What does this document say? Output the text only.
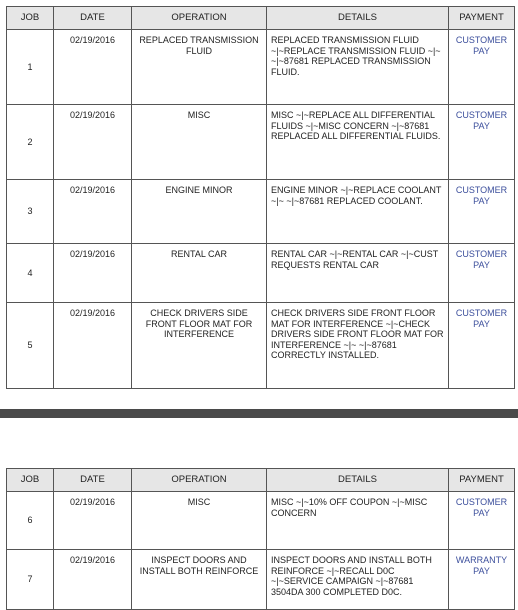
JOB	DATE	OPERATION	DETAILS	PAYMENT
1	02/19/2016	REPLACED TRANSMISSION FLUID	REPLACED TRANSMISSION FLUID ~|~REPLACE TRANSMISSION FLUID ~|~ ~|~87681 REPLACED TRANSMISSION FLUID.	CUSTOMER PAY
2	02/19/2016	MISC	MISC ~|~REPLACE ALL DIFFERENTIAL FLUIDS ~|~MISC CONCERN ~|~87681 REPLACED ALL DIFFERENTIAL FLUIDS.	CUSTOMER PAY
3	02/19/2016	ENGINE MINOR	ENGINE MINOR ~|~REPLACE COOLANT ~|~ ~|~87681 REPLACED COOLANT.	CUSTOMER PAY
4	02/19/2016	RENTAL CAR	RENTAL CAR ~|~RENTAL CAR ~|~CUST REQUESTS RENTAL CAR	CUSTOMER PAY
5	02/19/2016	CHECK DRIVERS SIDE FRONT FLOOR MAT FOR INTERFERENCE	CHECK DRIVERS SIDE FRONT FLOOR MAT FOR INTERFERENCE ~|~CHECK DRIVERS SIDE FRONT FLOOR MAT FOR INTERFERENCE ~|~ ~|~87681 CORRECTLY INSTALLED.	CUSTOMER PAY
JOB	DATE	OPERATION	DETAILS	PAYMENT
6	02/19/2016	MISC	MISC ~|~10% OFF COUPON ~|~MISC CONCERN	CUSTOMER PAY
7	02/19/2016	INSPECT DOORS AND INSTALL BOTH REINFORCE	INSPECT DOORS AND INSTALL BOTH REINFORCE ~|~RECALL D0C ~|~SERVICE CAMPAIGN ~|~87681 3504DA 300 COMPLETED D0C.	WARRANTY PAY
